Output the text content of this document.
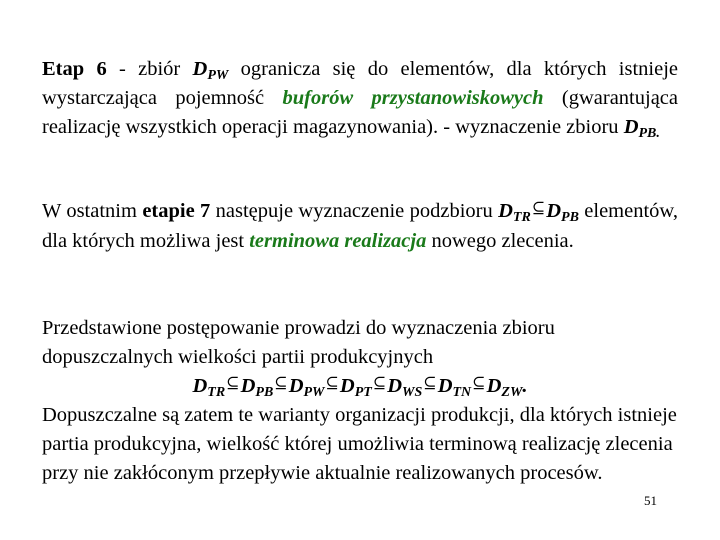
Etap 6 - zbiór $D_{PW}$ ogranicza się do elementów, dla których istnieje wystarczająca pojemność buforów przystanowiskowych (gwarantująca realizację wszystkich operacji magazynowania). - wyznaczenie zbioru $D_{PB.}$

W ostatnim etapie 7 następuje wyznaczenie podzbioru $D_{TR}⊆D_{PB}$ elementów, dla których możliwa jest terminowa realizacja nowego zlecenia.

Przedstawione postępowanie prowadzi do wyznaczenia zbioru dopuszczalnych wielkości partii produkcyjnych

$D_{TR}⊆D_{PB}⊆D_{PW}⊆D_{PT}⊆D_{WS}⊆D_{TN}⊆D_{ZW}$.

Dopuszczalne są zatem te warianty organizacji produkcji, dla których istnieje partia produkcyjna, wielkość której umożliwia terminową realizację zlecenia przy nie zakłóconym przepływie aktualnie realizowanych procesów.

51
